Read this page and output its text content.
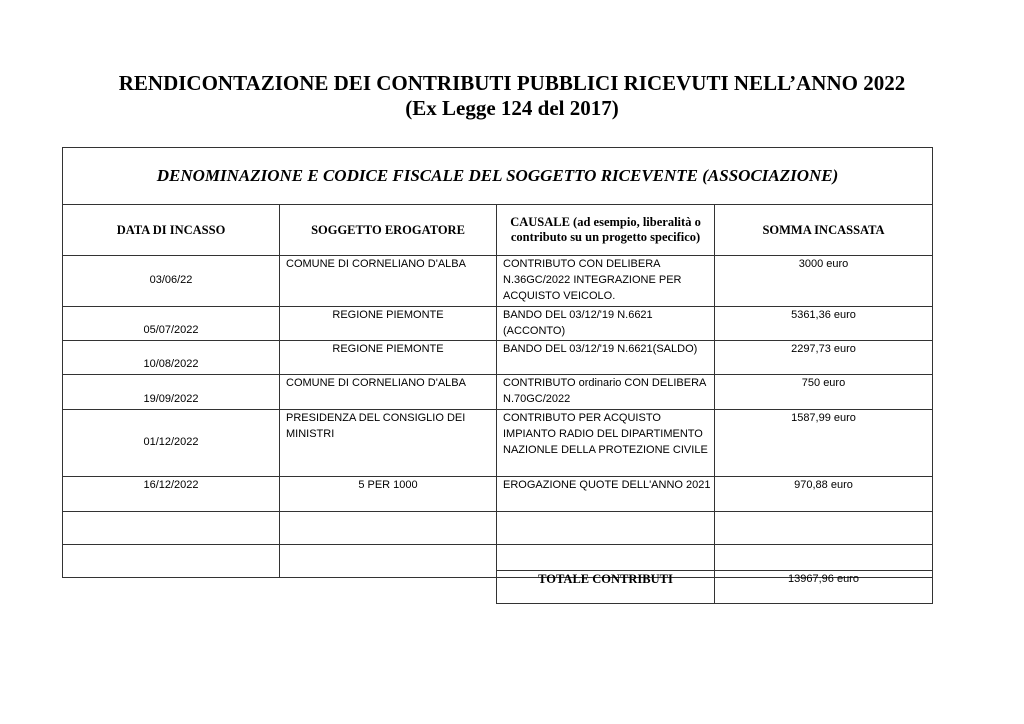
RENDICONTAZIONE DEI CONTRIBUTI PUBBLICI RICEVUTI NELL’ANNO 2022
(Ex Legge 124 del 2017)
DENOMINAZIONE E CODICE FISCALE DEL SOGGETTO RICEVENTE (ASSOCIAZIONE)			
DATA DI INCASSO	SOGGETTO EROGATORE	CAUSALE (ad esempio, liberalità o contributo su un progetto specifico)	SOMMA INCASSATA
03/06/22	COMUNE DI CORNELIANO D'ALBA	CONTRIBUTO CON DELIBERA N.36GC/2022 INTEGRAZIONE PER ACQUISTO VEICOLO.	3000 euro
05/07/2022	REGIONE PIEMONTE	BANDO DEL 03/12/'19 N.6621 (ACCONTO)	5361,36 euro
10/08/2022	REGIONE PIEMONTE	BANDO DEL 03/12/'19 N.6621(SALDO)	2297,73 euro
19/09/2022	COMUNE DI CORNELIANO D'ALBA	CONTRIBUTO ordinario CON DELIBERA N.70GC/2022	750 euro
01/12/2022	PRESIDENZA DEL CONSIGLIO DEI MINISTRI	CONTRIBUTO PER ACQUISTO IMPIANTO RADIO DEL DIPARTIMENTO NAZIONLE DELLA PROTEZIONE CIVILE	1587,99 euro
16/12/2022	5 PER 1000	EROGAZIONE QUOTE DELL'ANNO 2021	970,88 euro

TOTALE CONTRIBUTI	13967,96 euro
